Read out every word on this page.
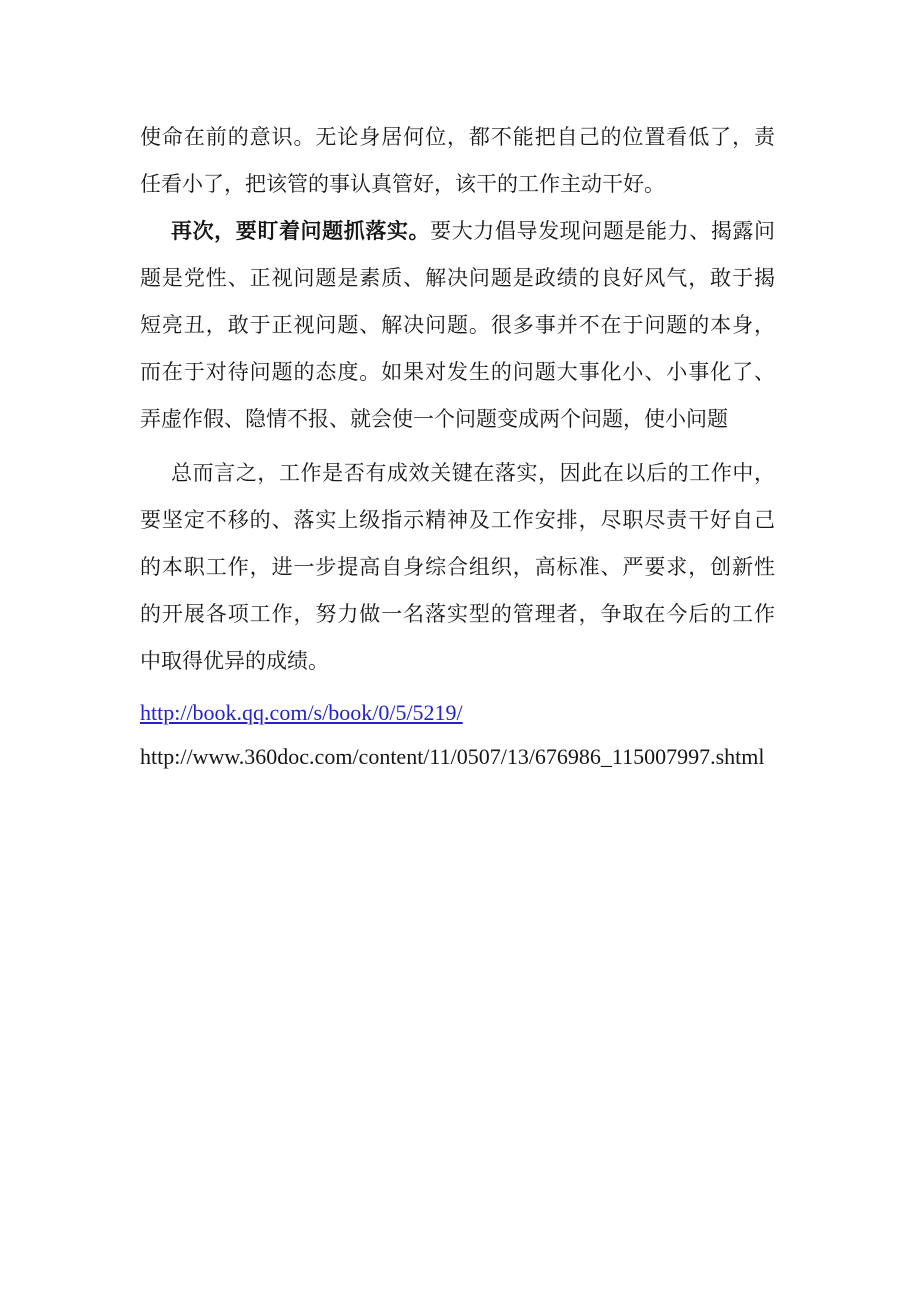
使命在前的意识。无论身居何位，都不能把自己的位置看低了，责
任看小了，把该管的事认真管好，该干的工作主动干好。
再次，要盯着问题抓落实。要大力倡导发现问题是能力、揭露问
题是党性、正视问题是素质、解决问题是政绩的良好风气，敢于揭
短亮丑，敢于正视问题、解决问题。很多事并不在于问题的本身，
而在于对待问题的态度。如果对发生的问题大事化小、小事化了、
弄虚作假、隐情不报、就会使一个问题变成两个问题，使小问题
总而言之，工作是否有成效关键在落实，因此在以后的工作中，
要坚定不移的、落实上级指示精神及工作安排，尽职尽责干好自己
的本职工作，进一步提高自身综合组织，高标准、严要求，创新性
的开展各项工作，努力做一名落实型的管理者，争取在今后的工作
中取得优异的成绩。
http://book.qq.com/s/book/0/5/5219/
http://www.360doc.com/content/11/0507/13/676986_115007997.shtml
